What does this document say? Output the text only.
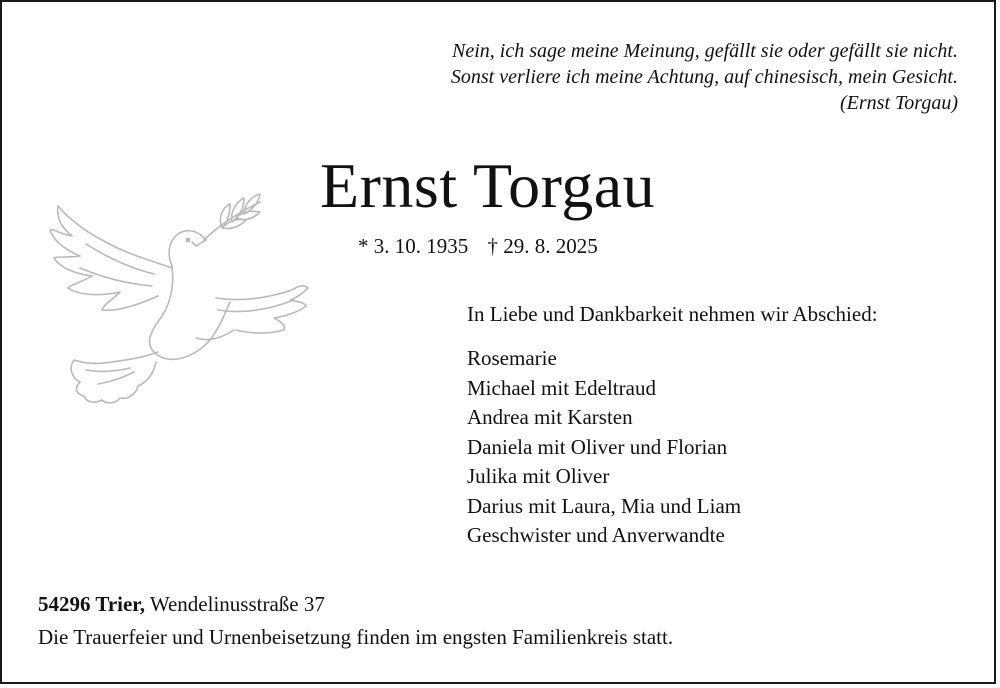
Nein, ich sage meine Meinung, gefällt sie oder gefällt sie nicht.
Sonst verliere ich meine Achtung, auf chinesisch, mein Gesicht.
(Ernst Torgau)
Ernst Torgau
* 3. 10. 1935 † 29. 8. 2025
In Liebe und Dankbarkeit nehmen wir Abschied:
Rosemarie
Michael mit Edeltraud
Andrea mit Karsten
Daniela mit Oliver und Florian
Julika mit Oliver
Darius mit Laura, Mia und Liam
Geschwister und Anverwandte
54296 Trier, Wendelinusstraße 37
Die Trauerfeier und Urnenbeisetzung finden im engsten Familienkreis statt.
